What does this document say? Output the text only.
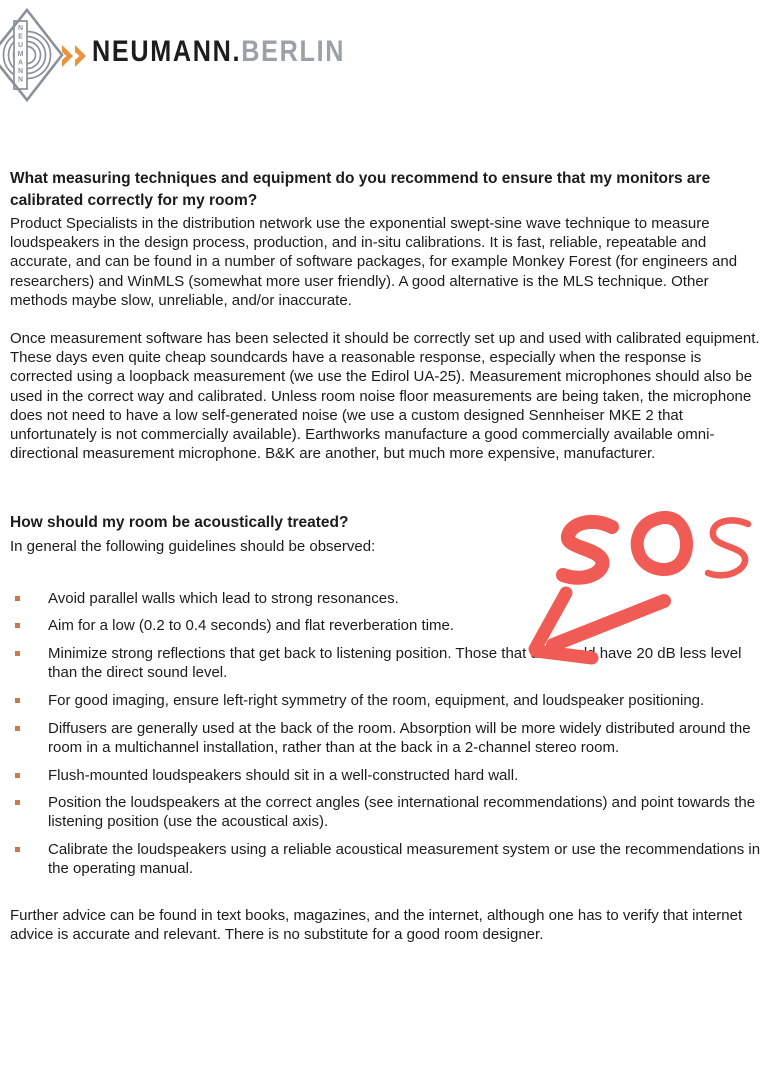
NEUMANN NEUMANN.BERLIN

What measuring techniques and equipment do you recommend to ensure that my monitors are calibrated correctly for my room?

Product Specialists in the distribution network use the exponential swept-sine wave technique to measure loudspeakers in the design process, production, and in-situ calibrations. It is fast, reliable, repeatable and accurate, and can be found in a number of software packages, for example Monkey Forest (for engineers and researchers) and WinMLS (somewhat more user friendly). A good alternative is the MLS technique. Other methods maybe slow, unreliable, and/or inaccurate.

Once measurement software has been selected it should be correctly set up and used with calibrated equipment. These days even quite cheap soundcards have a reasonable response, especially when the response is corrected using a loopback measurement (we use the Edirol UA-25). Measurement microphones should also be used in the correct way and calibrated. Unless room noise floor measurements are being taken, the microphone does not need to have a low self-generated noise (we use a custom designed Sennheiser MKE 2 that unfortunately is not commercially available). Earthworks manufacture a good commercially available omni-directional measurement microphone. B&K are another, but much more expensive, manufacturer.

How should my room be acoustically treated?

In general the following guidelines should be observed:

Avoid parallel walls which lead to strong resonances.
Aim for a low (0.2 to 0.4 seconds) and flat reverberation time.
Minimize strong reflections that get back to listening position. Those that do should have 20 dB less level than the direct sound level.
For good imaging, ensure left-right symmetry of the room, equipment, and loudspeaker positioning.
Diffusers are generally used at the back of the room. Absorption will be more widely distributed around the room in a multichannel installation, rather than at the back in a 2-channel stereo room.
Flush-mounted loudspeakers should sit in a well-constructed hard wall.
Position the loudspeakers at the correct angles (see international recommendations) and point towards the listening position (use the acoustical axis).
Calibrate the loudspeakers using a reliable acoustical measurement system or use the recommendations in the operating manual.

Further advice can be found in text books, magazines, and the internet, although one has to verify that internet advice is accurate and relevant. There is no substitute for a good room designer.
